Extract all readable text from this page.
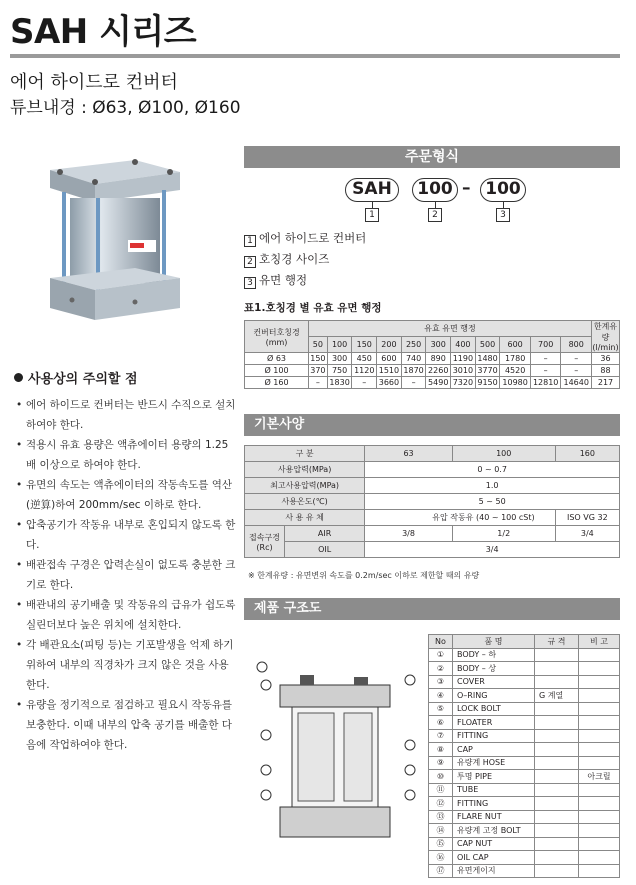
SAH 시리즈
에어 하이드로 컨버터
튜브내경 : Ø63, Ø100, Ø160
사용상의 주의할 점
• 에어 하이드로 컨버터는 반드시 수직으로 설치하여야 한다.
• 적용시 유효 용량은 액츄에이터 용량의 1.25배 이상으로 하여야 한다.
• 유면의 속도는 액츄에이터의 작동속도를 역산(逆算)하여 200mm/sec 이하로 한다.
• 압축공기가 작동유 내부로 혼입되지 않도록 한다.
• 배관접속 구경은 압력손실이 없도록 충분한 크기로 한다.
• 배관내의 공기배출 및 작동유의 급유가 쉽도록 실린더보다 높은 위치에 설치한다.
• 각 배관요소(피팅 등)는 기포발생을 억제 하기 위하여 내부의 직경차가 크지 않은 것을 사용한다.
• 유량을 정기적으로 점검하고 필요시 작동유를 보충한다. 이때 내부의 압축 공기를 배출한 다음에 작업하여야 한다.
주문형식
SAH	100 – 100
1	2	3
1 에어 하이드로 컨버터
2 호칭경 사이즈
3 유면 행정
표1.호칭경 별 유효 유면 행정
컨버터호칭경
(mm)	유효 유면 행정											한계유량
(l/min)
	50	100	150	200	250	300	400	500	600	700	800	
Ø 63	150	300	450	600	740	890	1190	1480	1780	–	–	36
Ø 100	370	750	1120	1510	1870	2260	3010	3770	4520	–	–	88
Ø 160	–	1830	–	3660	–	5490	7320	9150	10980	12810	14640	217
기본사양
구 분		63	100	160
사용압력(MPa)		0 ~ 0.7		
최고사용압력(MPa)		1.0		
사용온도(℃)		5 ~ 50		
사 용 유 체		유압 작동유 (40 ~ 100 cSt)		ISO VG 32
접속구경
(Rc)	AIR	3/8	1/2	3/4
	OIL	3/4		
※ 한계유량 : 유면변위 속도를 0.2m/sec 이하로 제한할 때의 유량
제품 구조도
No	품 명	규 격	비 고
①	BODY – 하		
②	BODY – 상		
③	COVER		
④	O–RING	G 계열	
⑤	LOCK BOLT		
⑥	FLOATER		
⑦	FITTING		
⑧	CAP		
⑨	유량계 HOSE		
⑩	투명 PIPE		아크릴
⑪	TUBE		
⑫	FITTING		
⑬	FLARE NUT		
⑭	유량계 고정 BOLT		
⑮	CAP NUT		
⑯	OIL CAP		
⑰	유면게이지		
